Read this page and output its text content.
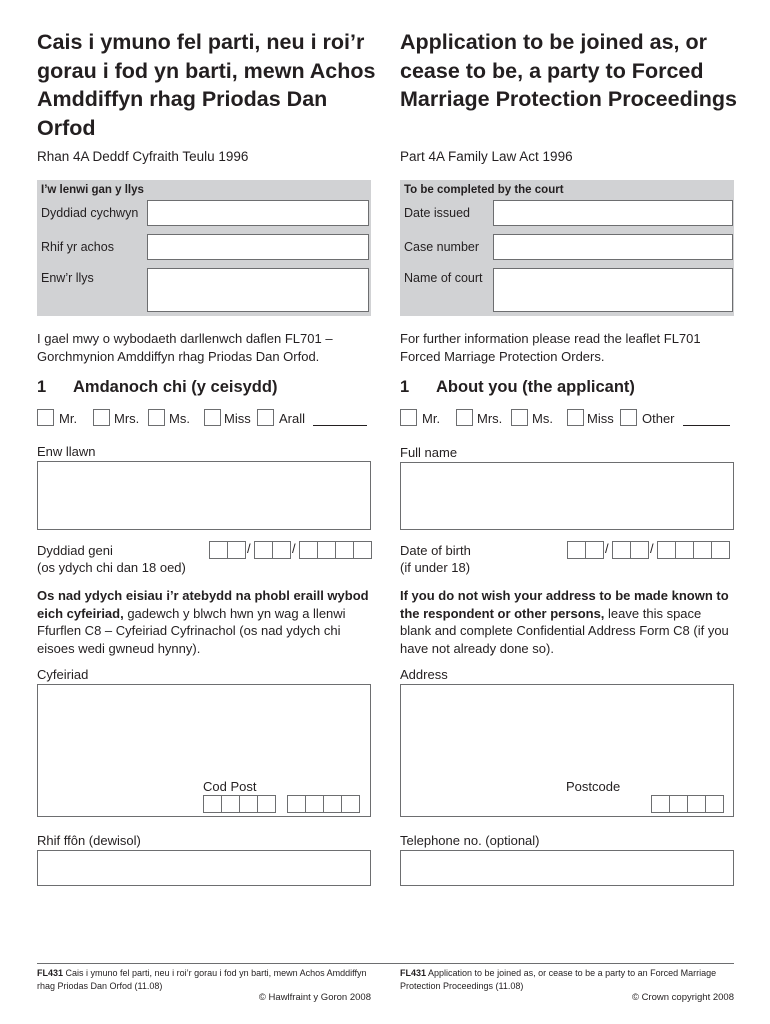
Cais i ymuno fel parti, neu i roi’r gorau i fod yn barti, mewn Achos Amddiffyn rhag Priodas Dan Orfod
Rhan 4A Deddf Cyfraith Teulu 1996
I’w lenwi gan y llys
Dyddiad cychwyn
Rhif yr achos
Enw’r llys
I gael mwy o wybodaeth darllenwch daflen FL701 – Gorchmynion Amddiffyn rhag Priodas Dan Orfod.
1 Amdanoch chi (y ceisydd)
Mr.	Mrs. Ms.	Miss Arall
Enw llawn
Dyddiad geni
(os ydych chi dan 18 oed)
/	/
Os nad ydych eisiau i’r atebydd na phobl eraill wybod eich cyfeiriad, gadewch y blwch hwn yn wag a llenwi Ffurflen C8 – Cyfeiriad Cyfrinachol (os nad ydych chi eisoes wedi gwneud hynny).
Cyfeiriad
Cod Post
Rhif ffôn (dewisol)
Application to be joined as, or cease to be, a party to Forced Marriage Protection Proceedings
Part 4A Family Law Act 1996
To be completed by the court
Date issued
Case number
Name of court
For further information please read the leaflet FL701 Forced Marriage Protection Orders.
1 About you (the applicant)
Mr.	Mrs. Ms.	Miss Other
Full name
Date of birth
(if under 18)
/	/
If you do not wish your address to be made known to the respondent or other persons, leave this space blank and complete Confidential Address Form C8 (if you have not already done so).
Address
Postcode
Telephone no. (optional)
FL431 Cais i ymuno fel parti, neu i roi’r gorau i fod yn barti, mewn Achos Amddiffyn rhag Priodas Dan Orfod (11.08)
© Hawlfraint y Goron 2008
FL431 Application to be joined as, or cease to be a party to an Forced Marriage Protection Proceedings (11.08)
© Crown copyright 2008
